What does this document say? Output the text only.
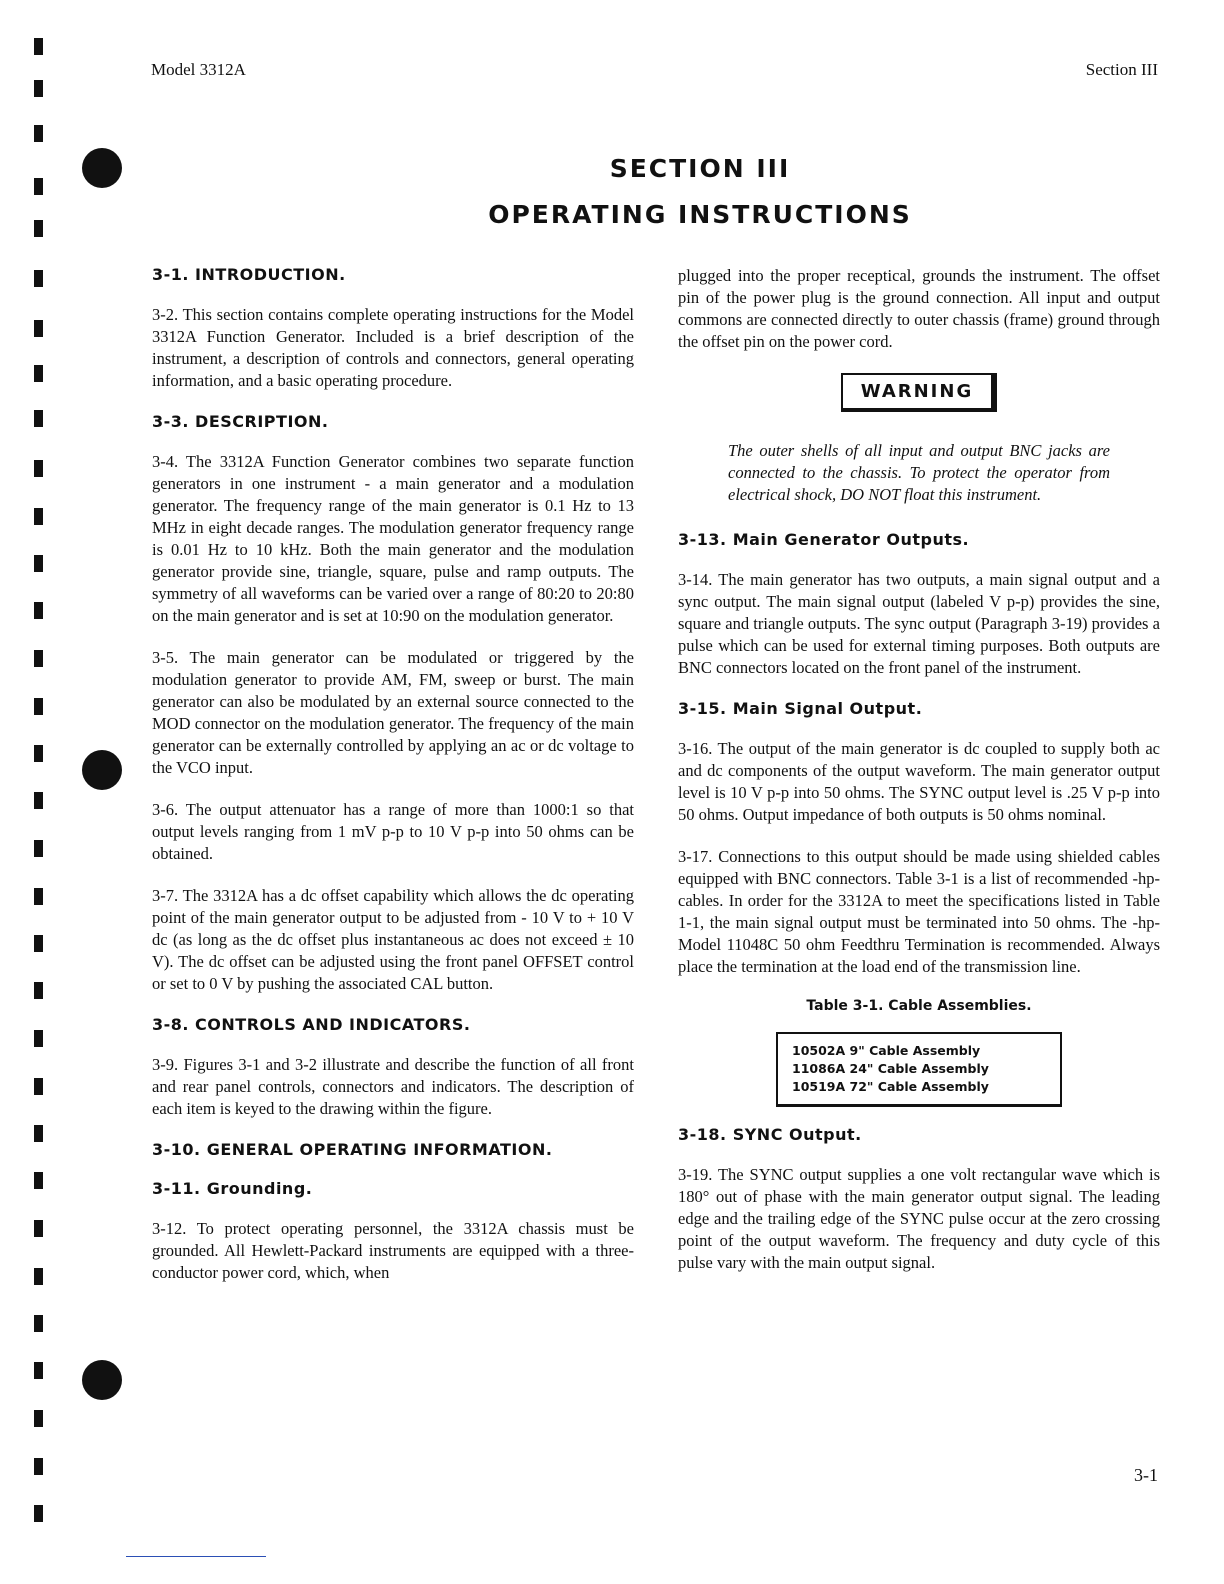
Model 3312A	Section III
SECTION III
OPERATING INSTRUCTIONS
3-1. INTRODUCTION.

3-2. This section contains complete operating instructions for the Model 3312A Function Generator. Included is a brief description of the instrument, a description of controls and connectors, general operating information, and a basic operating procedure.

3-3. DESCRIPTION.

3-4. The 3312A Function Generator combines two separate function generators in one instrument - a main generator and a modulation generator. The frequency range of the main generator is 0.1 Hz to 13 MHz in eight decade ranges. The modulation generator frequency range is 0.01 Hz to 10 kHz. Both the main generator and the modulation generator provide sine, triangle, square, pulse and ramp outputs. The symmetry of all waveforms can be varied over a range of 80:20 to 20:80 on the main generator and is set at 10:90 on the modulation generator.

3-5. The main generator can be modulated or triggered by the modulation generator to provide AM, FM, sweep or burst. The main generator can also be modulated by an external source connected to the MOD connector on the modulation generator. The frequency of the main generator can be externally controlled by applying an ac or dc voltage to the VCO input.

3-6. The output attenuator has a range of more than 1000:1 so that output levels ranging from 1 mV p-p to 10 V p-p into 50 ohms can be obtained.

3-7. The 3312A has a dc offset capability which allows the dc operating point of the main generator output to be adjusted from - 10 V to + 10 V dc (as long as the dc offset plus instantaneous ac does not exceed ± 10 V). The dc offset can be adjusted using the front panel OFFSET control or set to 0 V by pushing the associated CAL button.

3-8. CONTROLS AND INDICATORS.

3-9. Figures 3-1 and 3-2 illustrate and describe the function of all front and rear panel controls, connectors and indicators. The description of each item is keyed to the drawing within the figure.

3-10. GENERAL OPERATING INFORMATION.
3-11. Grounding.

3-12. To protect operating personnel, the 3312A chassis must be grounded. All Hewlett-Packard instruments are equipped with a three-conductor power cord, which, when

plugged into the proper receptical, grounds the instrument. The offset pin of the power plug is the ground connection. All input and output commons are connected directly to outer chassis (frame) ground through the offset pin on the power cord.

WARNING

The outer shells of all input and output BNC jacks are connected to the chassis. To protect the operator from electrical shock, DO NOT float this instrument.

3-13. Main Generator Outputs.

3-14. The main generator has two outputs, a main signal output and a sync output. The main signal output (labeled V p-p) provides the sine, square and triangle outputs. The sync output (Paragraph 3-19) provides a pulse which can be used for external timing purposes. Both outputs are BNC connectors located on the front panel of the instrument.

3-15. Main Signal Output.

3-16. The output of the main generator is dc coupled to supply both ac and dc components of the output waveform. The main generator output level is 10 V p-p into 50 ohms. The SYNC output level is .25 V p-p into 50 ohms. Output impedance of both outputs is 50 ohms nominal.

3-17. Connections to this output should be made using shielded cables equipped with BNC connectors. Table 3-1 is a list of recommended -hp- cables. In order for the 3312A to meet the specifications listed in Table 1-1, the main signal output must be terminated into 50 ohms. The -hp- Model 11048C 50 ohm Feedthru Termination is recommended. Always place the termination at the load end of the transmission line.

Table 3-1. Cable Assemblies.
10502A 9" Cable Assembly
11086A 24" Cable Assembly
10519A 72" Cable Assembly
3-18. SYNC Output.

3-19. The SYNC output supplies a one volt rectangular wave which is 180° out of phase with the main generator output signal. The leading edge and the trailing edge of the SYNC pulse occur at the zero crossing point of the output waveform. The frequency and duty cycle of this pulse vary with the main output signal.

3-1
